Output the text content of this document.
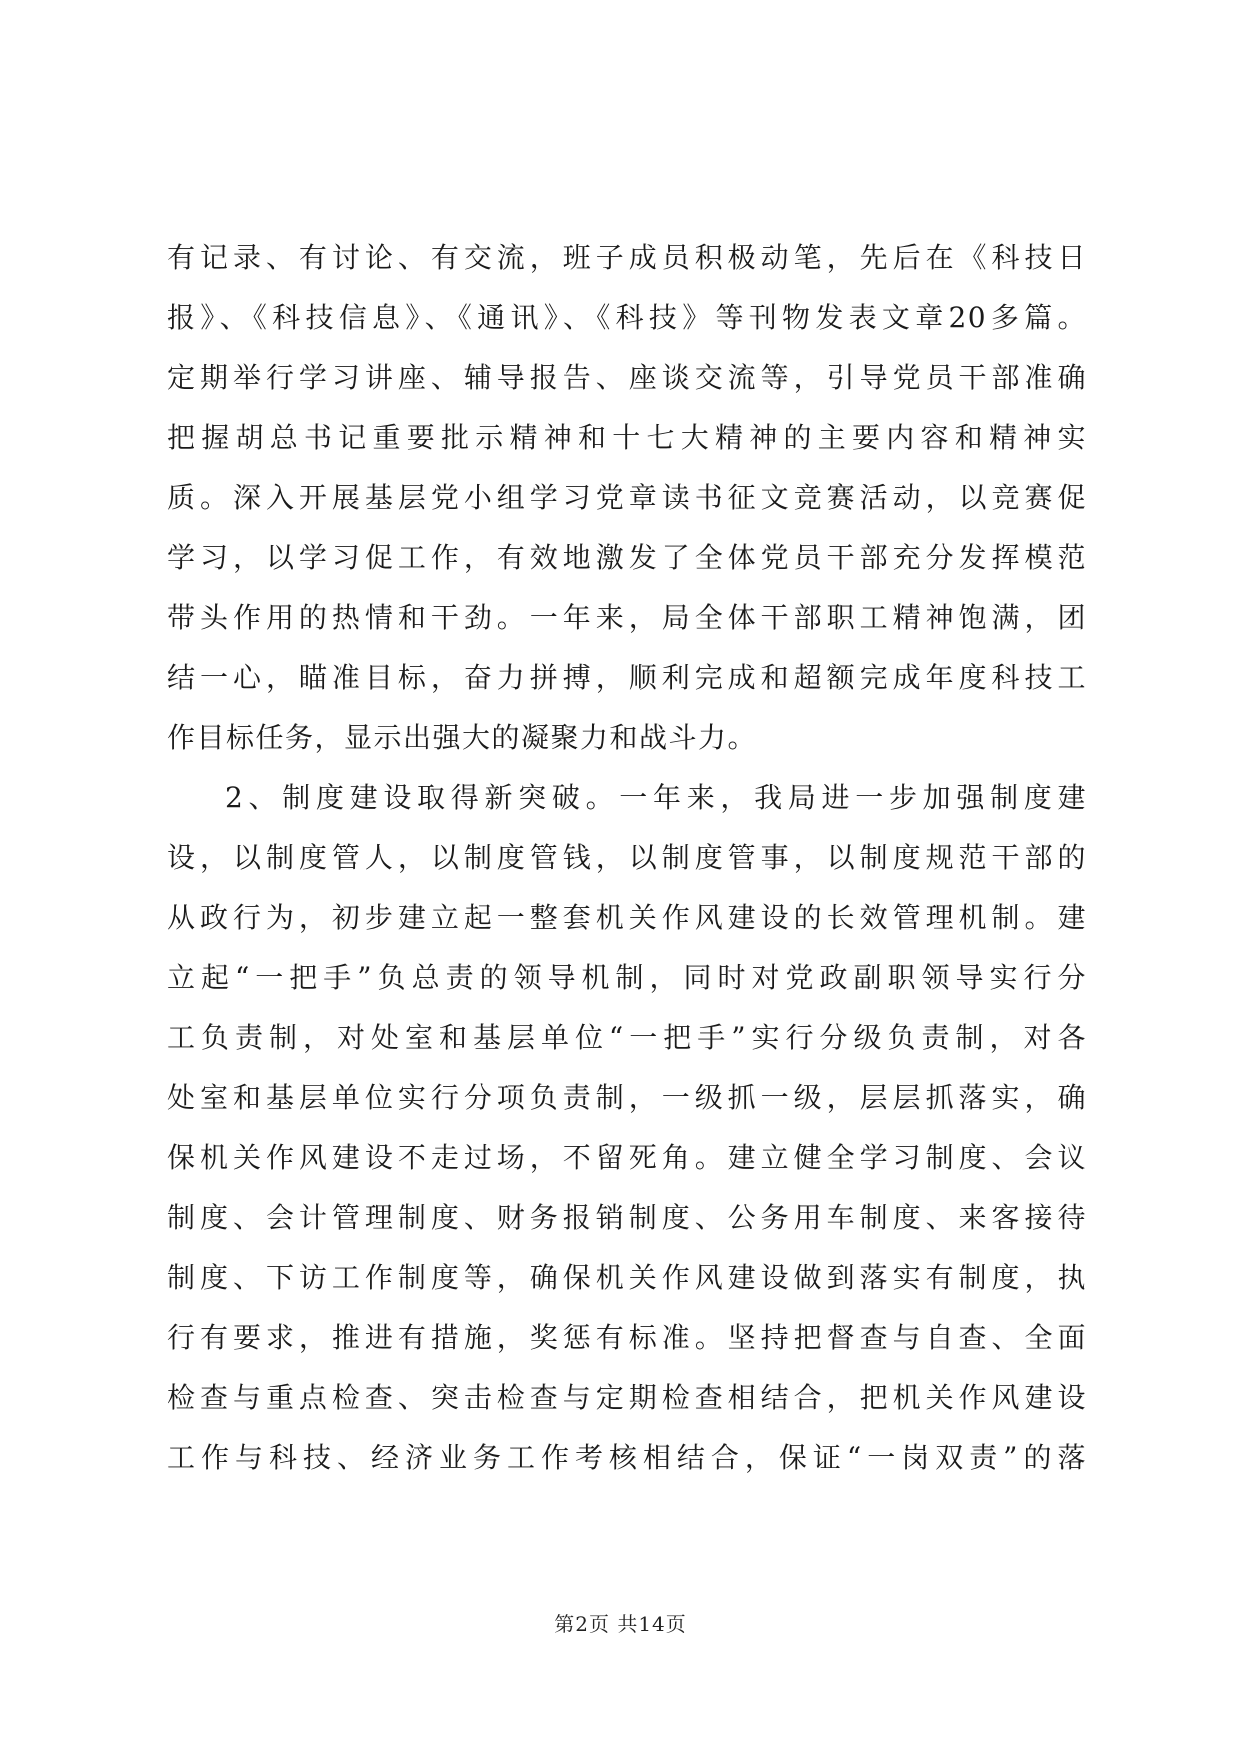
有记录、有讨论、有交流，班子成员积极动笔，先后在《科技日
报》、《科技信息》、《通讯》、《科技》等刊物发表文章20多篇。
定期举行学习讲座、辅导报告、座谈交流等，引导党员干部准确
把握胡总书记重要批示精神和十七大精神的主要内容和精神实
质。深入开展基层党小组学习党章读书征文竞赛活动，以竞赛促
学习，以学习促工作，有效地激发了全体党员干部充分发挥模范
带头作用的热情和干劲。一年来，局全体干部职工精神饱满，团
结一心，瞄准目标，奋力拼搏，顺利完成和超额完成年度科技工
作目标任务，显示出强大的凝聚力和战斗力。
2、制度建设取得新突破。一年来，我局进一步加强制度建
设，以制度管人，以制度管钱，以制度管事，以制度规范干部的
从政行为，初步建立起一整套机关作风建设的长效管理机制。建
立起“一把手”负总责的领导机制，同时对党政副职领导实行分
工负责制，对处室和基层单位“一把手”实行分级负责制，对各
处室和基层单位实行分项负责制，一级抓一级，层层抓落实，确
保机关作风建设不走过场，不留死角。建立健全学习制度、会议
制度、会计管理制度、财务报销制度、公务用车制度、来客接待
制度、下访工作制度等，确保机关作风建设做到落实有制度，执
行有要求，推进有措施，奖惩有标准。坚持把督查与自查、全面
检查与重点检查、突击检查与定期检查相结合，把机关作风建设
工作与科技、经济业务工作考核相结合，保证“一岗双责”的落
第2页 共14页
